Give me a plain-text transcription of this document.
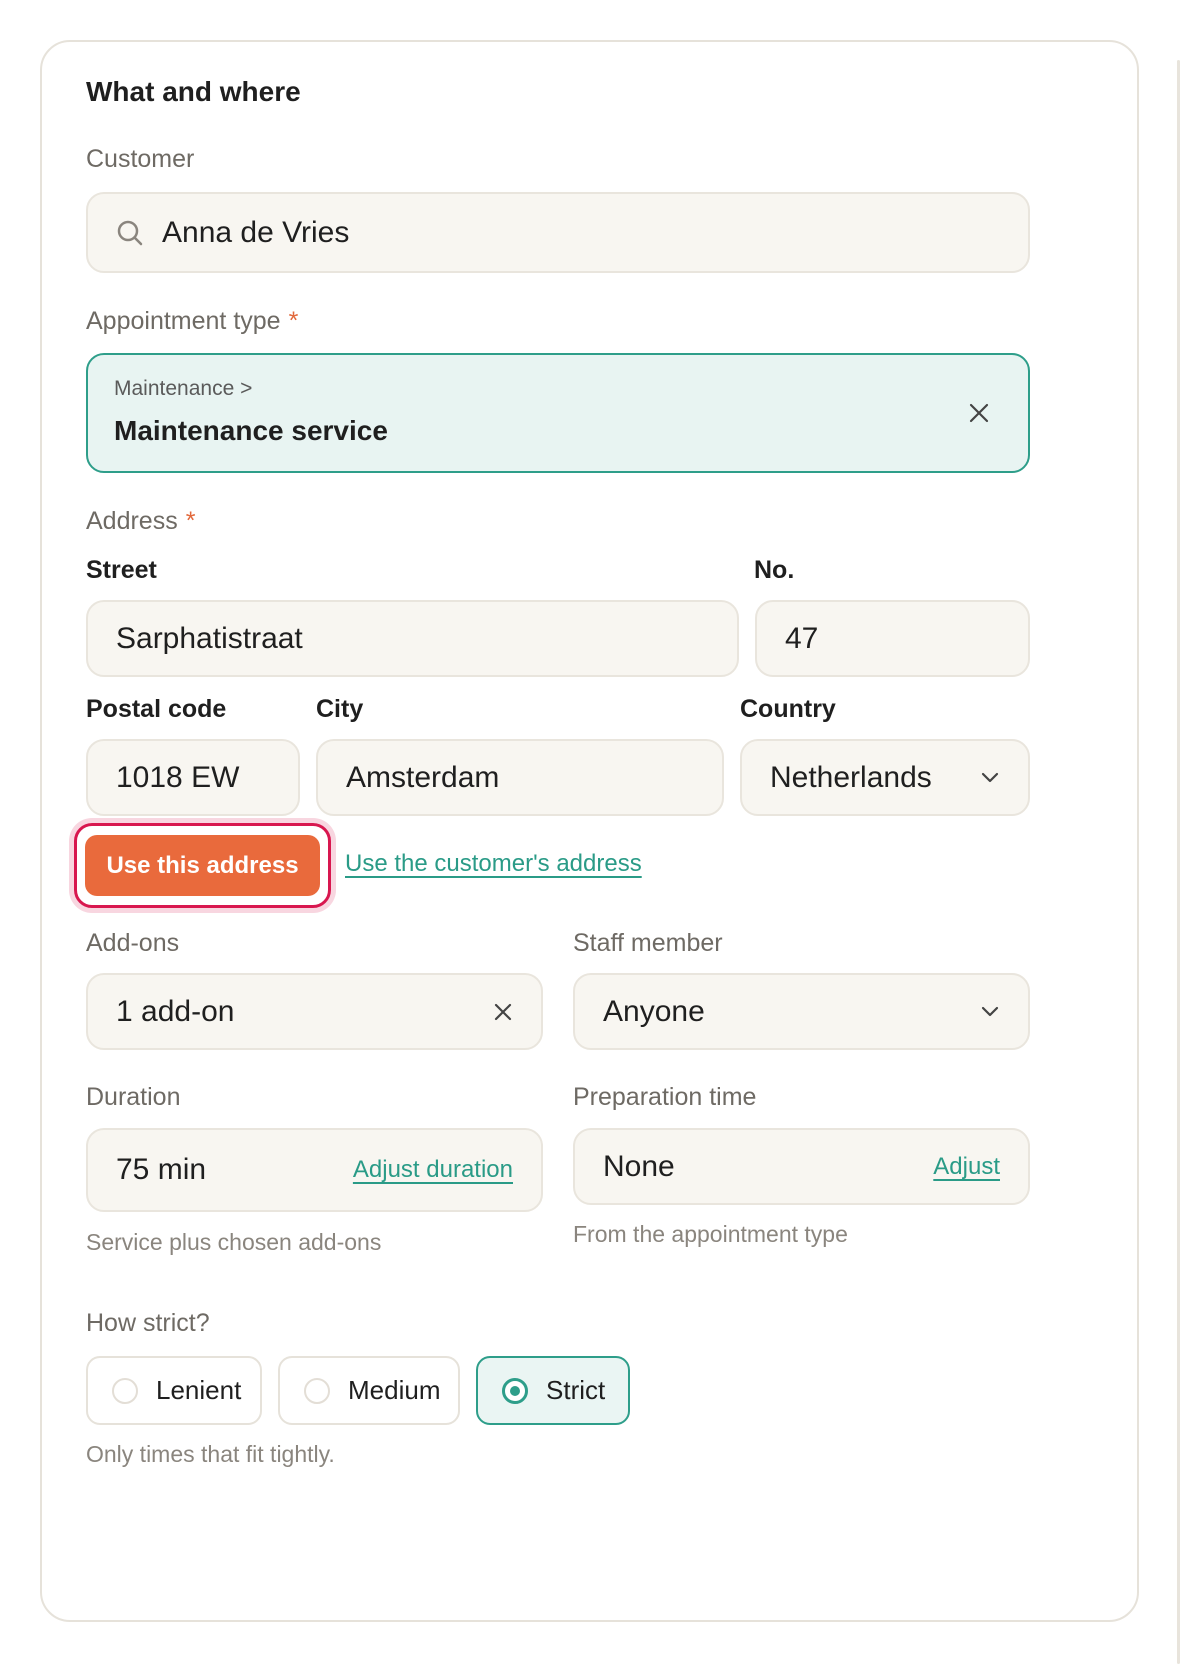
What and where
Customer
Anna de Vries
Appointment type *
Maintenance >
Maintenance service
Address *
Street	No.
Sarphatistraat	47
Postal code	City	Country
1018 EW	Amsterdam	Netherlands
Use this address	Use the customer's address
Add-ons	Staff member
1 add-on	Anyone
Duration	Preparation time
75 min	Adjust duration	None	Adjust
Service plus chosen add-ons	From the appointment type
How strict?
Lenient	Medium	Strict
Only times that fit tightly.
